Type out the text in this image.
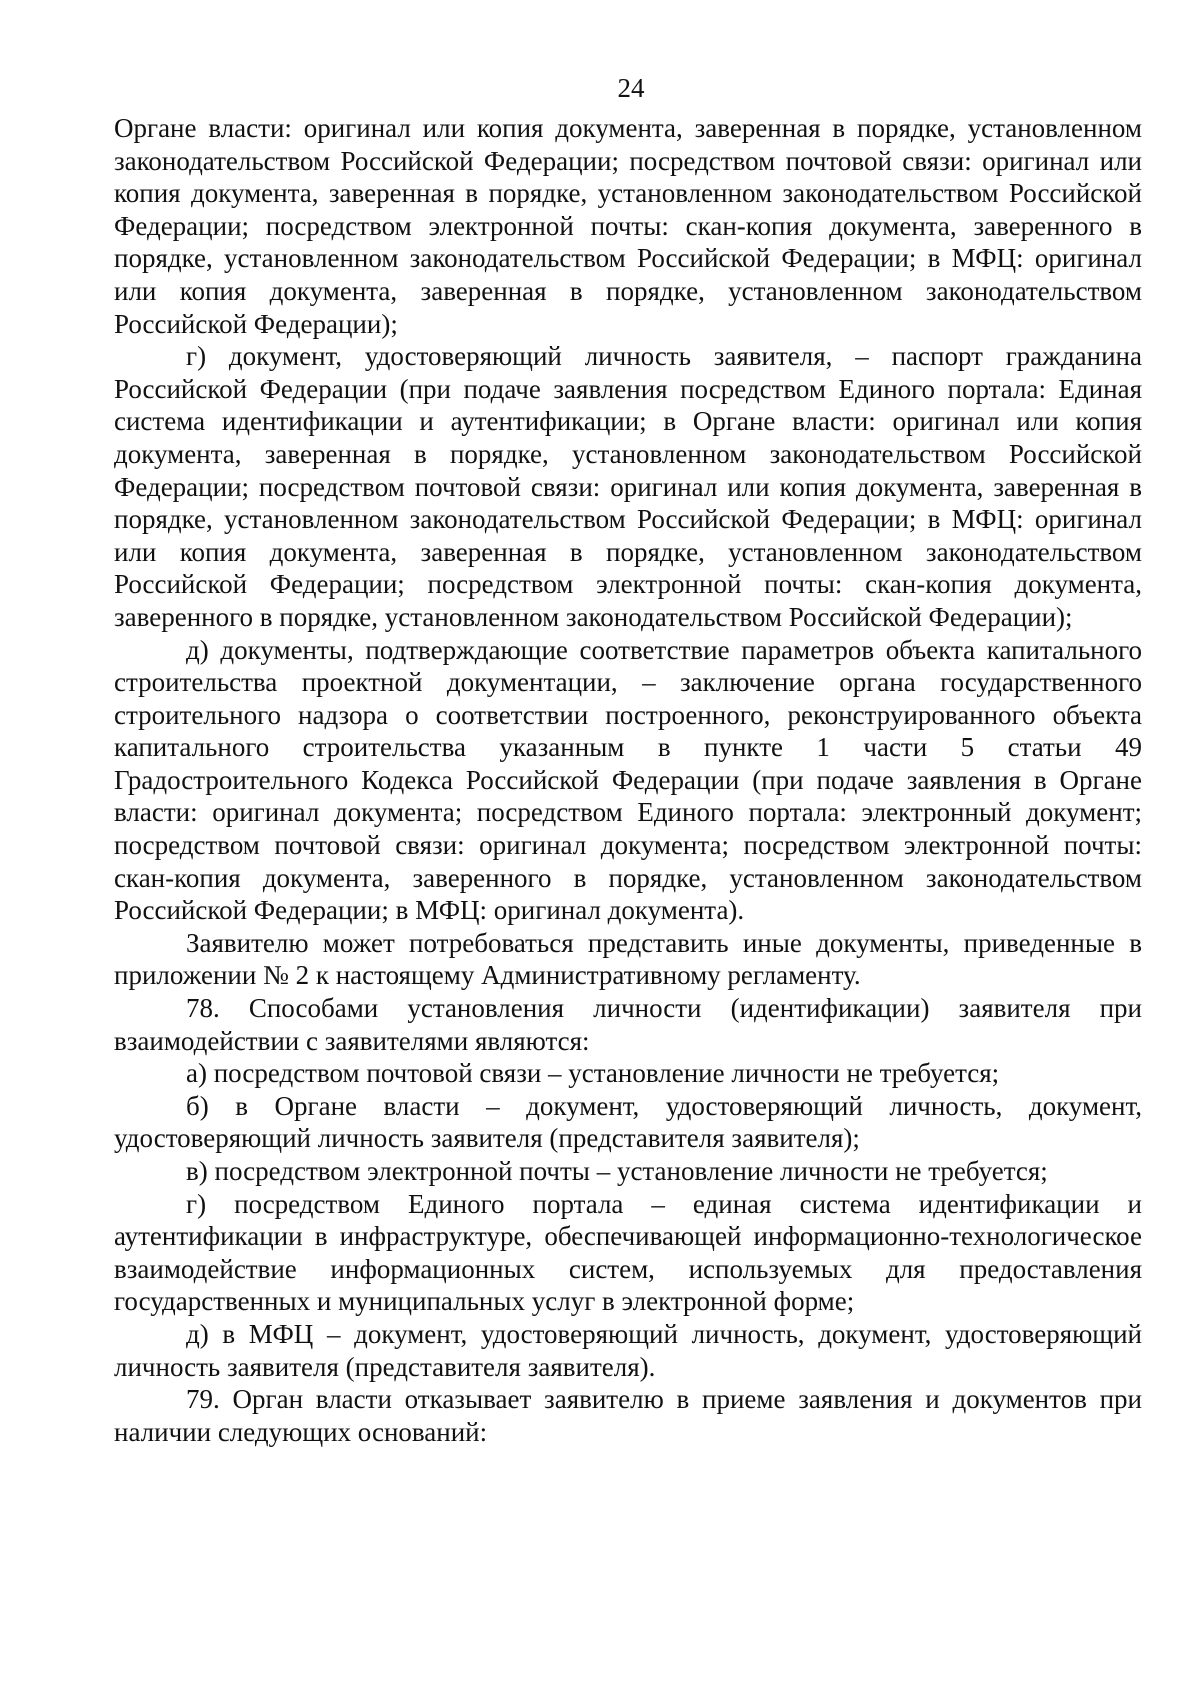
24

Органе власти: оригинал или копия документа, заверенная в порядке, установленном законодательством Российской Федерации; посредством почтовой связи: оригинал или копия документа, заверенная в порядке, установленном законодательством Российской Федерации; посредством электронной почты: скан-копия документа, заверенного в порядке, установленном законодательством Российской Федерации; в МФЦ: оригинал или копия документа, заверенная в порядке, установленном законодательством Российской Федерации);

г) документ, удостоверяющий личность заявителя, – паспорт гражданина Российской Федерации (при подаче заявления посредством Единого портала: Единая система идентификации и аутентификации; в Органе власти: оригинал или копия документа, заверенная в порядке, установленном законодательством Российской Федерации; посредством почтовой связи: оригинал или копия документа, заверенная в порядке, установленном законодательством Российской Федерации; в МФЦ: оригинал или копия документа, заверенная в порядке, установленном законодательством Российской Федерации; посредством электронной почты: скан-копия документа, заверенного в порядке, установленном законодательством Российской Федерации);

д) документы, подтверждающие соответствие параметров объекта капитального строительства проектной документации, – заключение органа государственного строительного надзора о соответствии построенного, реконструированного объекта капитального строительства указанным в пункте 1 части 5 статьи 49 Градостроительного Кодекса Российской Федерации (при подаче заявления в Органе власти: оригинал документа; посредством Единого портала: электронный документ; посредством почтовой связи: оригинал документа; посредством электронной почты: скан-копия документа, заверенного в порядке, установленном законодательством Российской Федерации; в МФЦ: оригинал документа).

Заявителю может потребоваться представить иные документы, приведенные в приложении № 2 к настоящему Административному регламенту.

78. Способами установления личности (идентификации) заявителя при взаимодействии с заявителями являются:

а) посредством почтовой связи – установление личности не требуется;

б) в Органе власти – документ, удостоверяющий личность, документ, удостоверяющий личность заявителя (представителя заявителя);

в) посредством электронной почты – установление личности не требуется;

г) посредством Единого портала – единая система идентификации и аутентификации в инфраструктуре, обеспечивающей информационно-технологическое взаимодействие информационных систем, используемых для предоставления государственных и муниципальных услуг в электронной форме;

д) в МФЦ – документ, удостоверяющий личность, документ, удостоверяющий личность заявителя (представителя заявителя).

79. Орган власти отказывает заявителю в приеме заявления и документов при наличии следующих оснований:
